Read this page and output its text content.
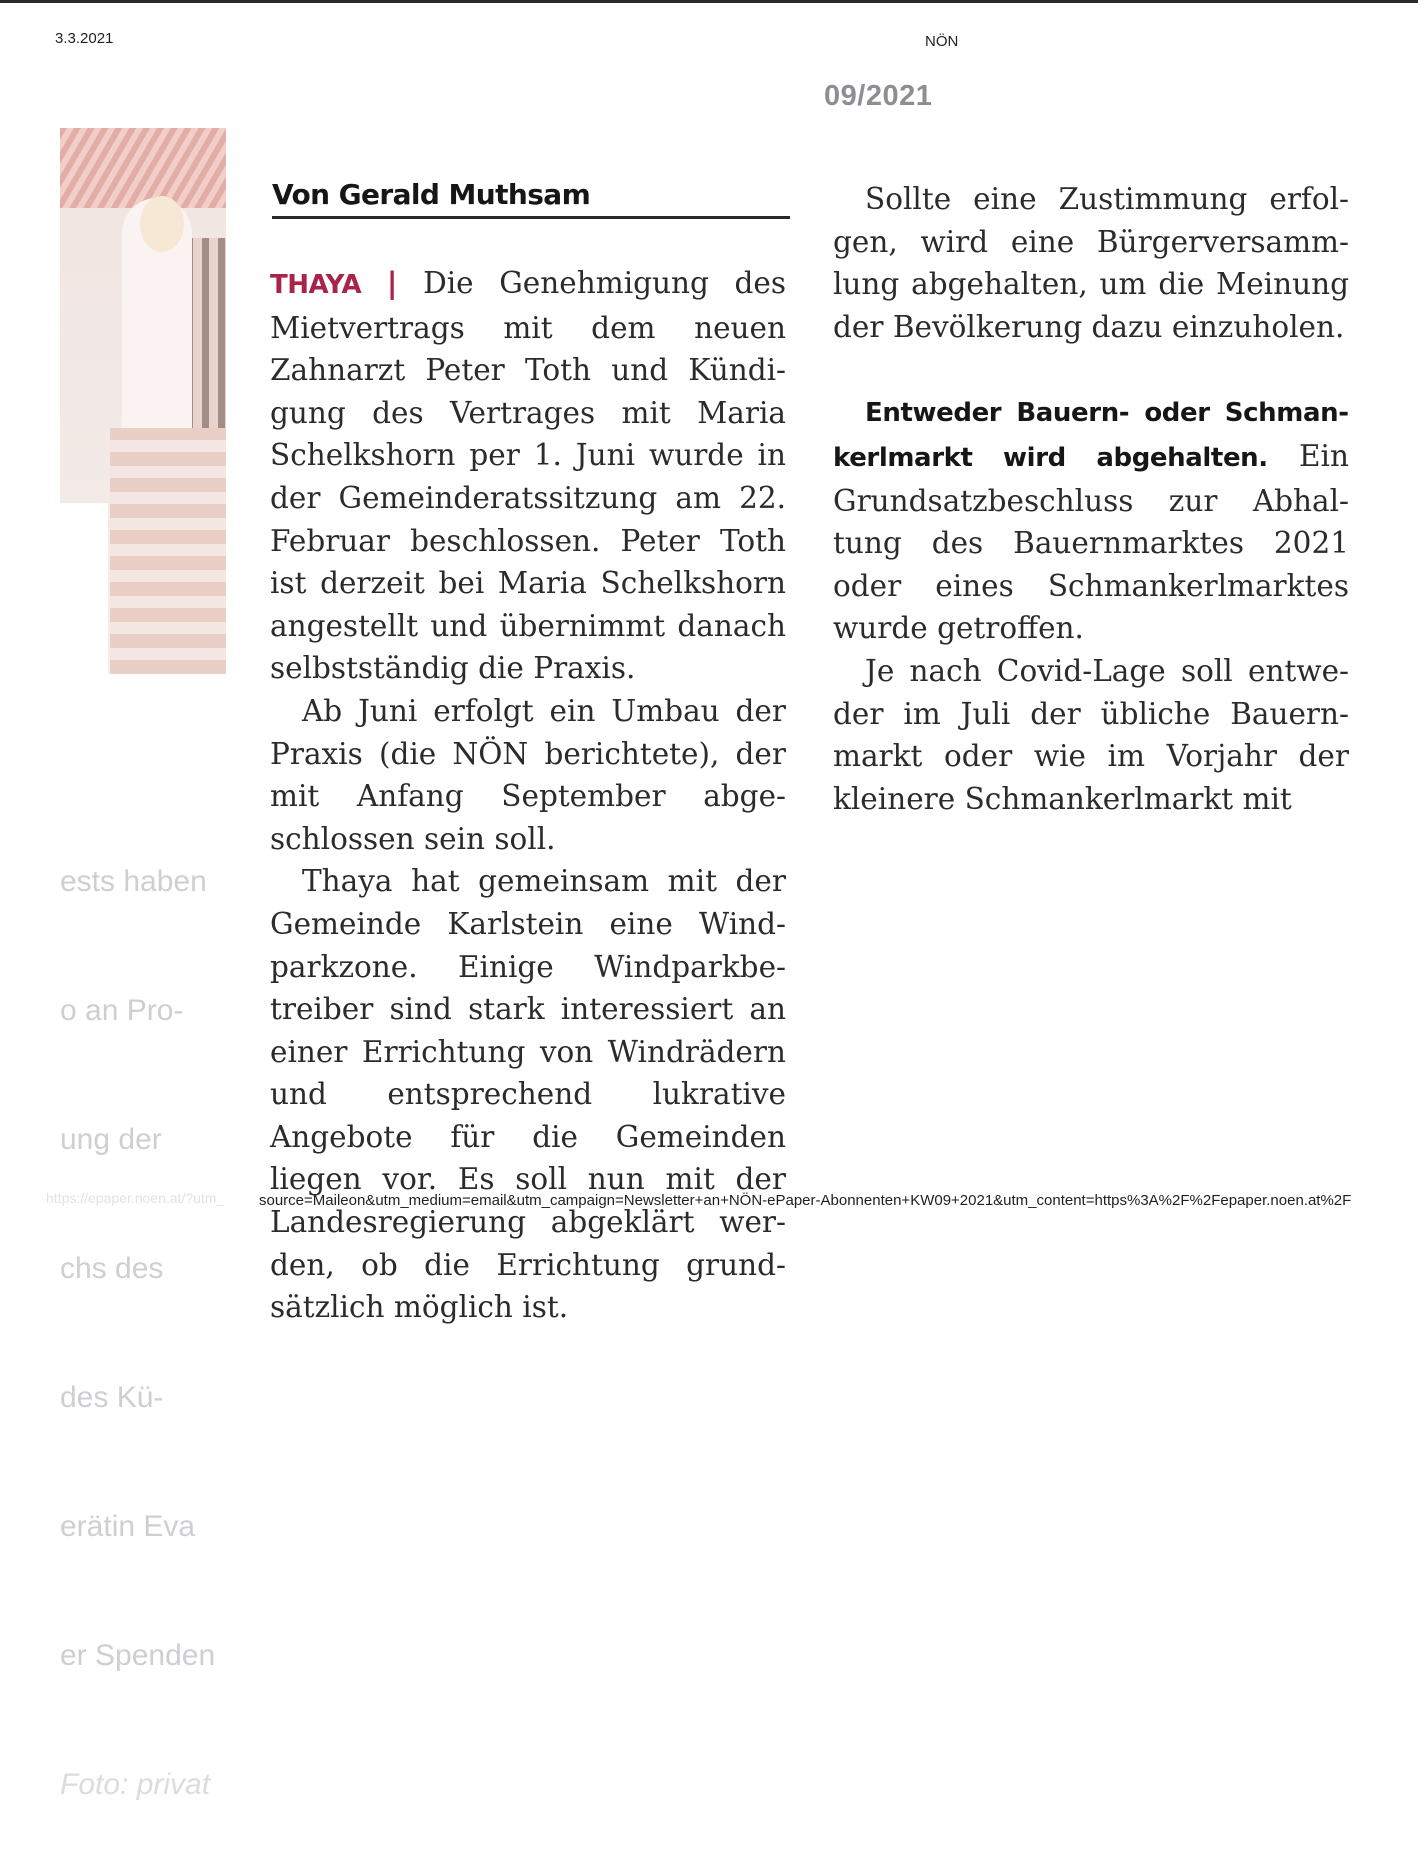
3.3.2021	NÖN
09/2021

ests haben

o an Pro-

ung der

chs des

des Kü-

erätin Eva

er Spenden

Foto: privat

Von Gerald Muthsam

THAYA | Die Genehmigung des Mietvertrags mit dem neuen Zahnarzt Peter Toth und Kündigung des Vertrages mit Maria Schelkshorn per 1. Juni wurde in der Gemeinderatssitzung am 22. Februar beschlossen. Peter Toth ist derzeit bei Maria Schelkshorn angestellt und übernimmt danach selbstständig die Praxis.

Ab Juni erfolgt ein Umbau der Praxis (die NÖN berichtete), der mit Anfang September abgeschlossen sein soll.

Thaya hat gemeinsam mit der Gemeinde Karlstein eine Windparkzone. Einige Windparkbetreiber sind stark interessiert an einer Errichtung von Windrädern und entsprechend lukrative Angebote für die Gemeinden liegen vor. Es soll nun mit der Landesregierung abgeklärt werden, ob die Errichtung grundsätzlich möglich ist.

Sollte eine Zustimmung erfolgen, wird eine Bürgerversammlung abgehalten, um die Meinung der Bevölkerung dazu einzuholen.

Entweder Bauern- oder Schmankerlmarkt wird abgehalten. Ein Grundsatzbeschluss zur Abhaltung des Bauernmarktes 2021 oder eines Schmankerlmarktes wurde getroffen.

Je nach Covid-Lage soll entweder im Juli der übliche Bauernmarkt oder wie im Vorjahr der kleinere Schmankerlmarkt mit

https://epaper.noen.at/?utm_ source=Maileon&utm_medium=email&utm_campaign=Newsletter+an+NÖN-ePaper-Abonnenten+KW09+2021&utm_content=https%3A%2F%2Fepaper.noen.at%2F
